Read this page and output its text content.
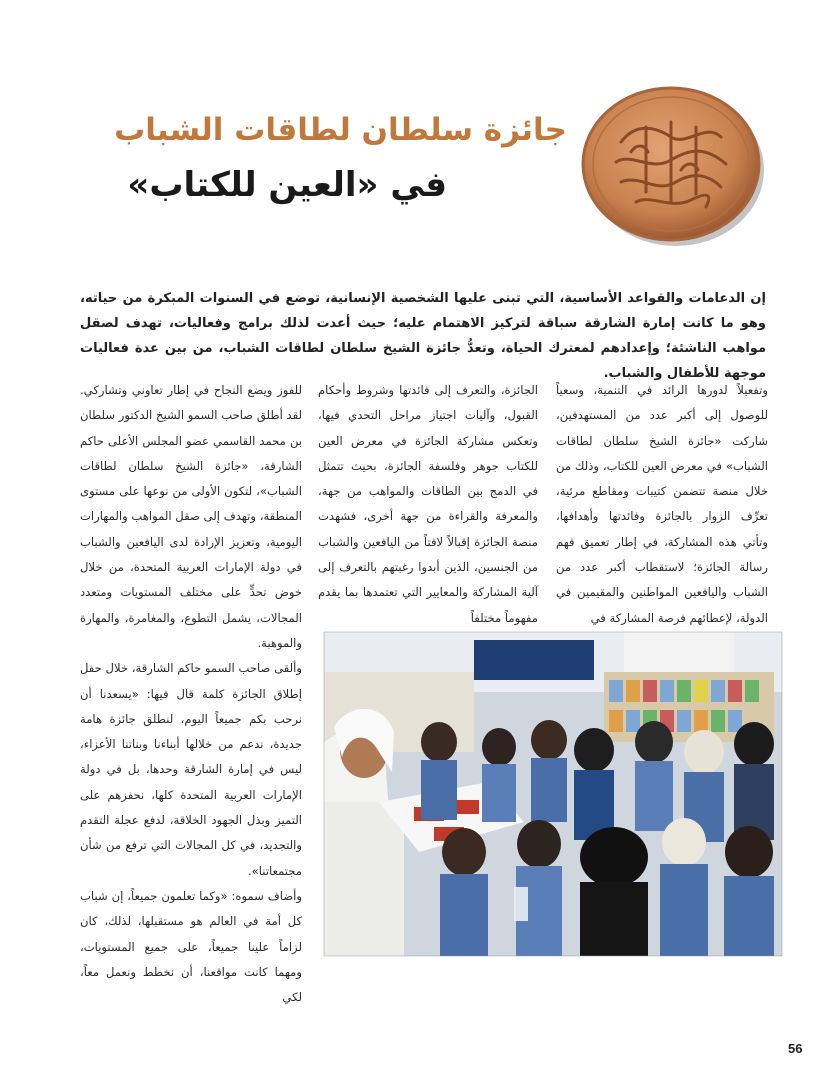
جائزة سلطان لطاقات الشباب
في «العين للكتاب»

إن الدعامات والقواعد الأساسية، التي تبنى عليها الشخصية الإنسانية، توضع في السنوات المبكرة من حياته، وهو ما كانت إمارة الشارقة سباقة لتركيز الاهتمام عليه؛ حيث أعدت لذلك برامج وفعاليات، تهدف لصقل مواهب الناشئة؛ وإعدادهم لمعترك الحياة، وتعدُّ جائزة الشيخ سلطان لطاقات الشباب، من بين عدة فعاليات موجهة للأطفال والشباب.

وتفعيلاً لدورها الرائد في التنمية، وسعياً للوصول إلى أكبر عدد من المستهدفين، شاركت «جائزة الشيخ سلطان لطاقات الشباب» في معرض العين للكتاب، وذلك من خلال منصة تتضمن كتيبات ومقاطع مرئية، تعرِّف الزوار بالجائزة وفائدتها وأهدافها، وتأتي هذه المشاركة، في إطار تعميق فهم رسالة الجائزة؛ لاستقطاب أكبر عدد من الشباب واليافعين المواطنين والمقيمين في الدولة، لإعطائهم فرصة المشاركة في

الجائزة، والتعرف إلى فائدتها وشروط وأحكام القبول، وآليات اجتياز مراحل التحدي فيها، وتعكس مشاركة الجائزة في معرض العين للكتاب جوهر وفلسفة الجائزة، بحيث تتمثل في الدمج بين الطاقات والمواهب من جهة، والمعرفة والقراءة من جهة أخرى، فشهدت منصة الجائزة إقبالاً لافتاً من اليافعين والشباب من الجنسين، الذين أبدوا رغبتهم بالتعرف إلى آلية المشاركة والمعايير التي تعتمدها بما يقدم مفهوماً مختلفاً

للفوز ويضع النجاح في إطار تعاوني وتشاركي. لقد أطلق صاحب السمو الشيخ الدكتور سلطان بن محمد القاسمي عضو المجلس الأعلى حاكم الشارقة، «جائزة الشيخ سلطان لطاقات الشباب»، لتكون الأولى من نوعها على مستوى المنطقة، وتهدف إلى صقل المواهب والمهارات اليومية، وتعزيز الإرادة لدى اليافعين والشباب في دولة الإمارات العربية المتحدة، من خلال خوض تحدٍّ على مختلف المستويات ومتعدد المجالات، يشمل التطوع، والمغامرة، والمهارة والموهبة.

وألقى صاحب السمو حاكم الشارقة، خلال حفل إطلاق الجائزة كلمة قال فيها: «يسعدنا أن نرحب بكم جميعاً اليوم، لنطلق جائزة هامة جديدة، ندعم من خلالها أبناءنا وبناتنا الأعزاء، ليس في إمارة الشارقة وحدها، بل في دولة الإمارات العربية المتحدة كلها، نحفزهم على التميز وبذل الجهود الخلاقة، لدفع عجلة التقدم والتجديد، في كل المجالات التي ترفع من شأن مجتمعاتنا».

وأضاف سموه: «وكما تعلمون جميعاً، إن شباب كل أمة في العالم هو مستقبلها، لذلك، كان لزاماً علينا جميعاً، على جميع المستويات، ومهما كانت مواقعنا، أن نخطط ونعمل معاً، لكي

56
